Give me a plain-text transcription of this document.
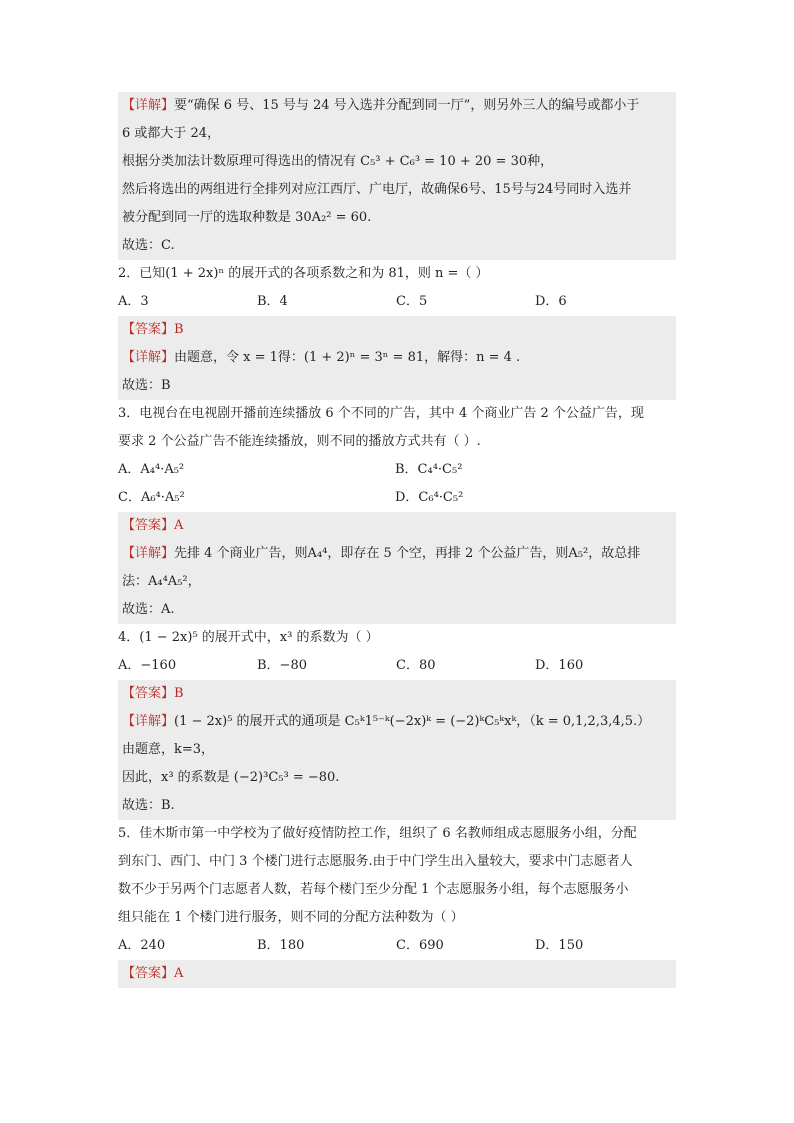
【详解】要“确保 6 号、15 号与 24 号入选并分配到同一厅”，则另外三人的编号或都小于
6 或都大于 24，
根据分类加法计数原理可得选出的情况有 C₅³ + C₆³ = 10 + 20 = 30种，
然后将选出的两组进行全排列对应江西厅、广电厅，故确保6号、15号与24号同时入选并
被分配到同一厅的选取种数是 30A₂² = 60.
故选：C.
2．已知(1 + 2x)ⁿ 的展开式的各项系数之和为 81，则 n =（ ）
A．3	B．4	C．5	D．6
【答案】B
【详解】由题意，令 x = 1得：(1 + 2)ⁿ = 3ⁿ = 81，解得：n = 4 .
故选：B
3．电视台在电视剧开播前连续播放 6 个不同的广告，其中 4 个商业广告 2 个公益广告，现
要求 2 个公益广告不能连续播放，则不同的播放方式共有（ ）.
A．A₄⁴·A₅²	B．C₄⁴·C₅²
C．A₆⁴·A₅²	D．C₆⁴·C₅²
【答案】A
【详解】先排 4 个商业广告，则A₄⁴，即存在 5 个空，再排 2 个公益广告，则A₅²，故总排
法：A₄⁴A₅²，
故选：A.
4．(1 − 2x)⁵ 的展开式中，x³ 的系数为（ ）
A．−160	B．−80	C．80	D．160
【答案】B
【详解】(1 − 2x)⁵ 的展开式的通项是 C₅ᵏ1⁵⁻ᵏ(−2x)ᵏ = (−2)ᵏC₅ᵏxᵏ，（k = 0,1,2,3,4,5.）
由题意，k=3，
因此，x³ 的系数是 (−2)³C₅³ = −80.
故选：B.
5．佳木斯市第一中学校为了做好疫情防控工作，组织了 6 名教师组成志愿服务小组，分配
到东门、西门、中门 3 个楼门进行志愿服务.由于中门学生出入量较大，要求中门志愿者人
数不少于另两个门志愿者人数，若每个楼门至少分配 1 个志愿服务小组，每个志愿服务小
组只能在 1 个楼门进行服务，则不同的分配方法种数为（ ）
A．240	B．180	C．690	D．150
【答案】A
